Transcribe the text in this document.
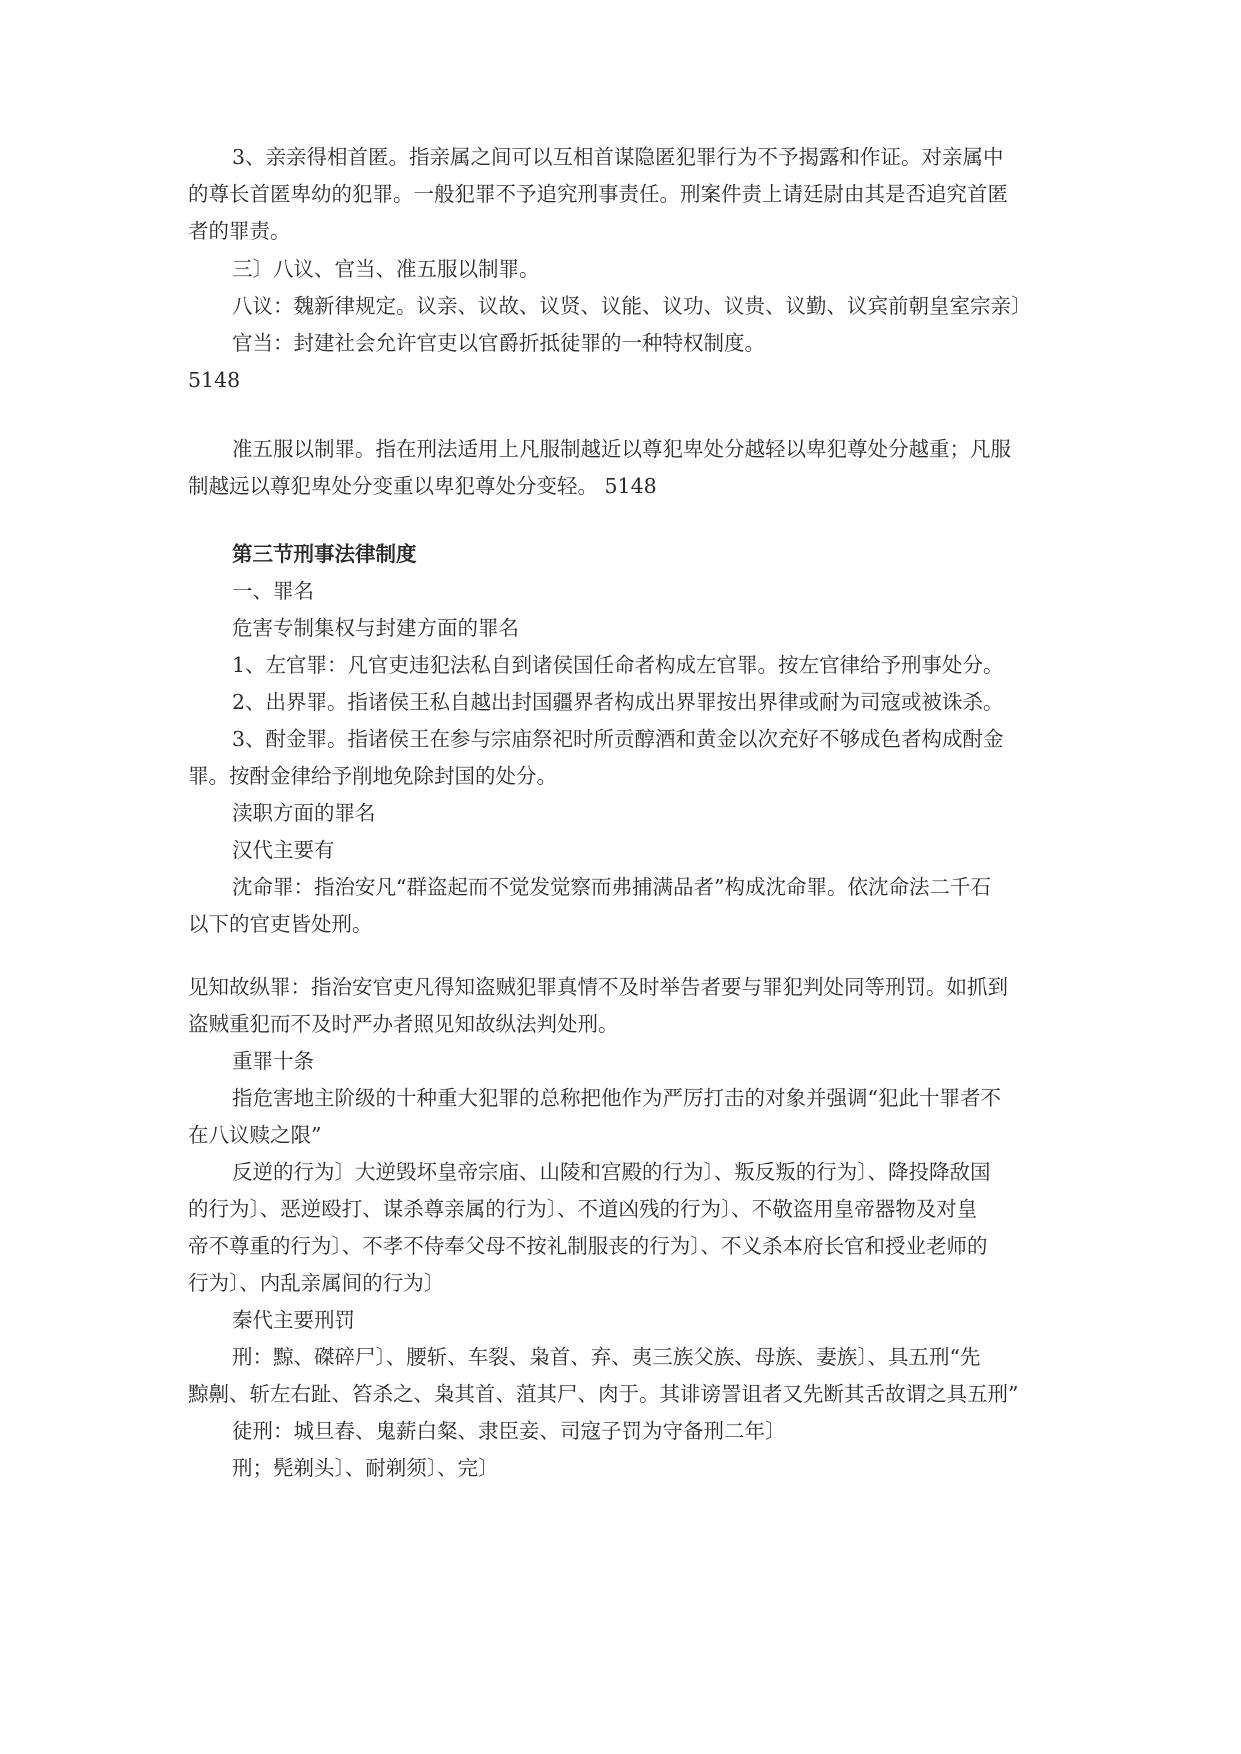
3、亲亲得相首匿。指亲属之间可以互相首谋隐匿犯罪行为不予揭露和作证。对亲属中
的尊长首匿卑幼的犯罪。一般犯罪不予追究刑事责任。刑案件责上请廷尉由其是否追究首匿
者的罪责。
三〕八议、官当、准五服以制罪。
八议：魏新律规定。议亲、议故、议贤、议能、议功、议贵、议勤、议宾前朝皇室宗亲〕
官当：封建社会允许官吏以官爵折抵徒罪的一种特权制度。
5148
准五服以制罪。指在刑法适用上凡服制越近以尊犯卑处分越轻以卑犯尊处分越重；凡服
制越远以尊犯卑处分变重以卑犯尊处分变轻。 5148
第三节刑事法律制度
一、罪名
危害专制集权与封建方面的罪名
1、左官罪：凡官吏违犯法私自到诸侯国任命者构成左官罪。按左官律给予刑事处分。
2、出界罪。指诸侯王私自越出封国疆界者构成出界罪按出界律或耐为司寇或被诛杀。
3、酎金罪。指诸侯王在参与宗庙祭祀时所贡醇酒和黄金以次充好不够成色者构成酎金
罪。按酎金律给予削地免除封国的处分。
渎职方面的罪名
汉代主要有
沈命罪：指治安凡“群盗起而不觉发觉察而弗捕满品者”构成沈命罪。依沈命法二千石
以下的官吏皆处刑。
见知故纵罪：指治安官吏凡得知盗贼犯罪真情不及时举告者要与罪犯判处同等刑罚。如抓到
盗贼重犯而不及时严办者照见知故纵法判处刑。
重罪十条
指危害地主阶级的十种重大犯罪的总称把他作为严厉打击的对象并强调“犯此十罪者不
在八议赎之限”
反逆的行为〕大逆毁坏皇帝宗庙、山陵和宫殿的行为〕、叛反叛的行为〕、降投降敌国
的行为〕、恶逆殴打、谋杀尊亲属的行为〕、不道凶残的行为〕、不敬盗用皇帝器物及对皇
帝不尊重的行为〕、不孝不侍奉父母不按礼制服丧的行为〕、不义杀本府长官和授业老师的
行为〕、内乱亲属间的行为〕
秦代主要刑罚
刑：黥、磔碎尸〕、腰斩、车裂、枭首、弃、夷三族父族、母族、妻族〕、具五刑“先
黥劓、斩左右趾、笞杀之、枭其首、菹其尸、肉于。其诽谤詈诅者又先断其舌故谓之具五刑”
徒刑：城旦舂、鬼薪白粲、隶臣妾、司寇子罚为守备刑二年〕
刑；髡剃头〕、耐剃须〕、完〕
